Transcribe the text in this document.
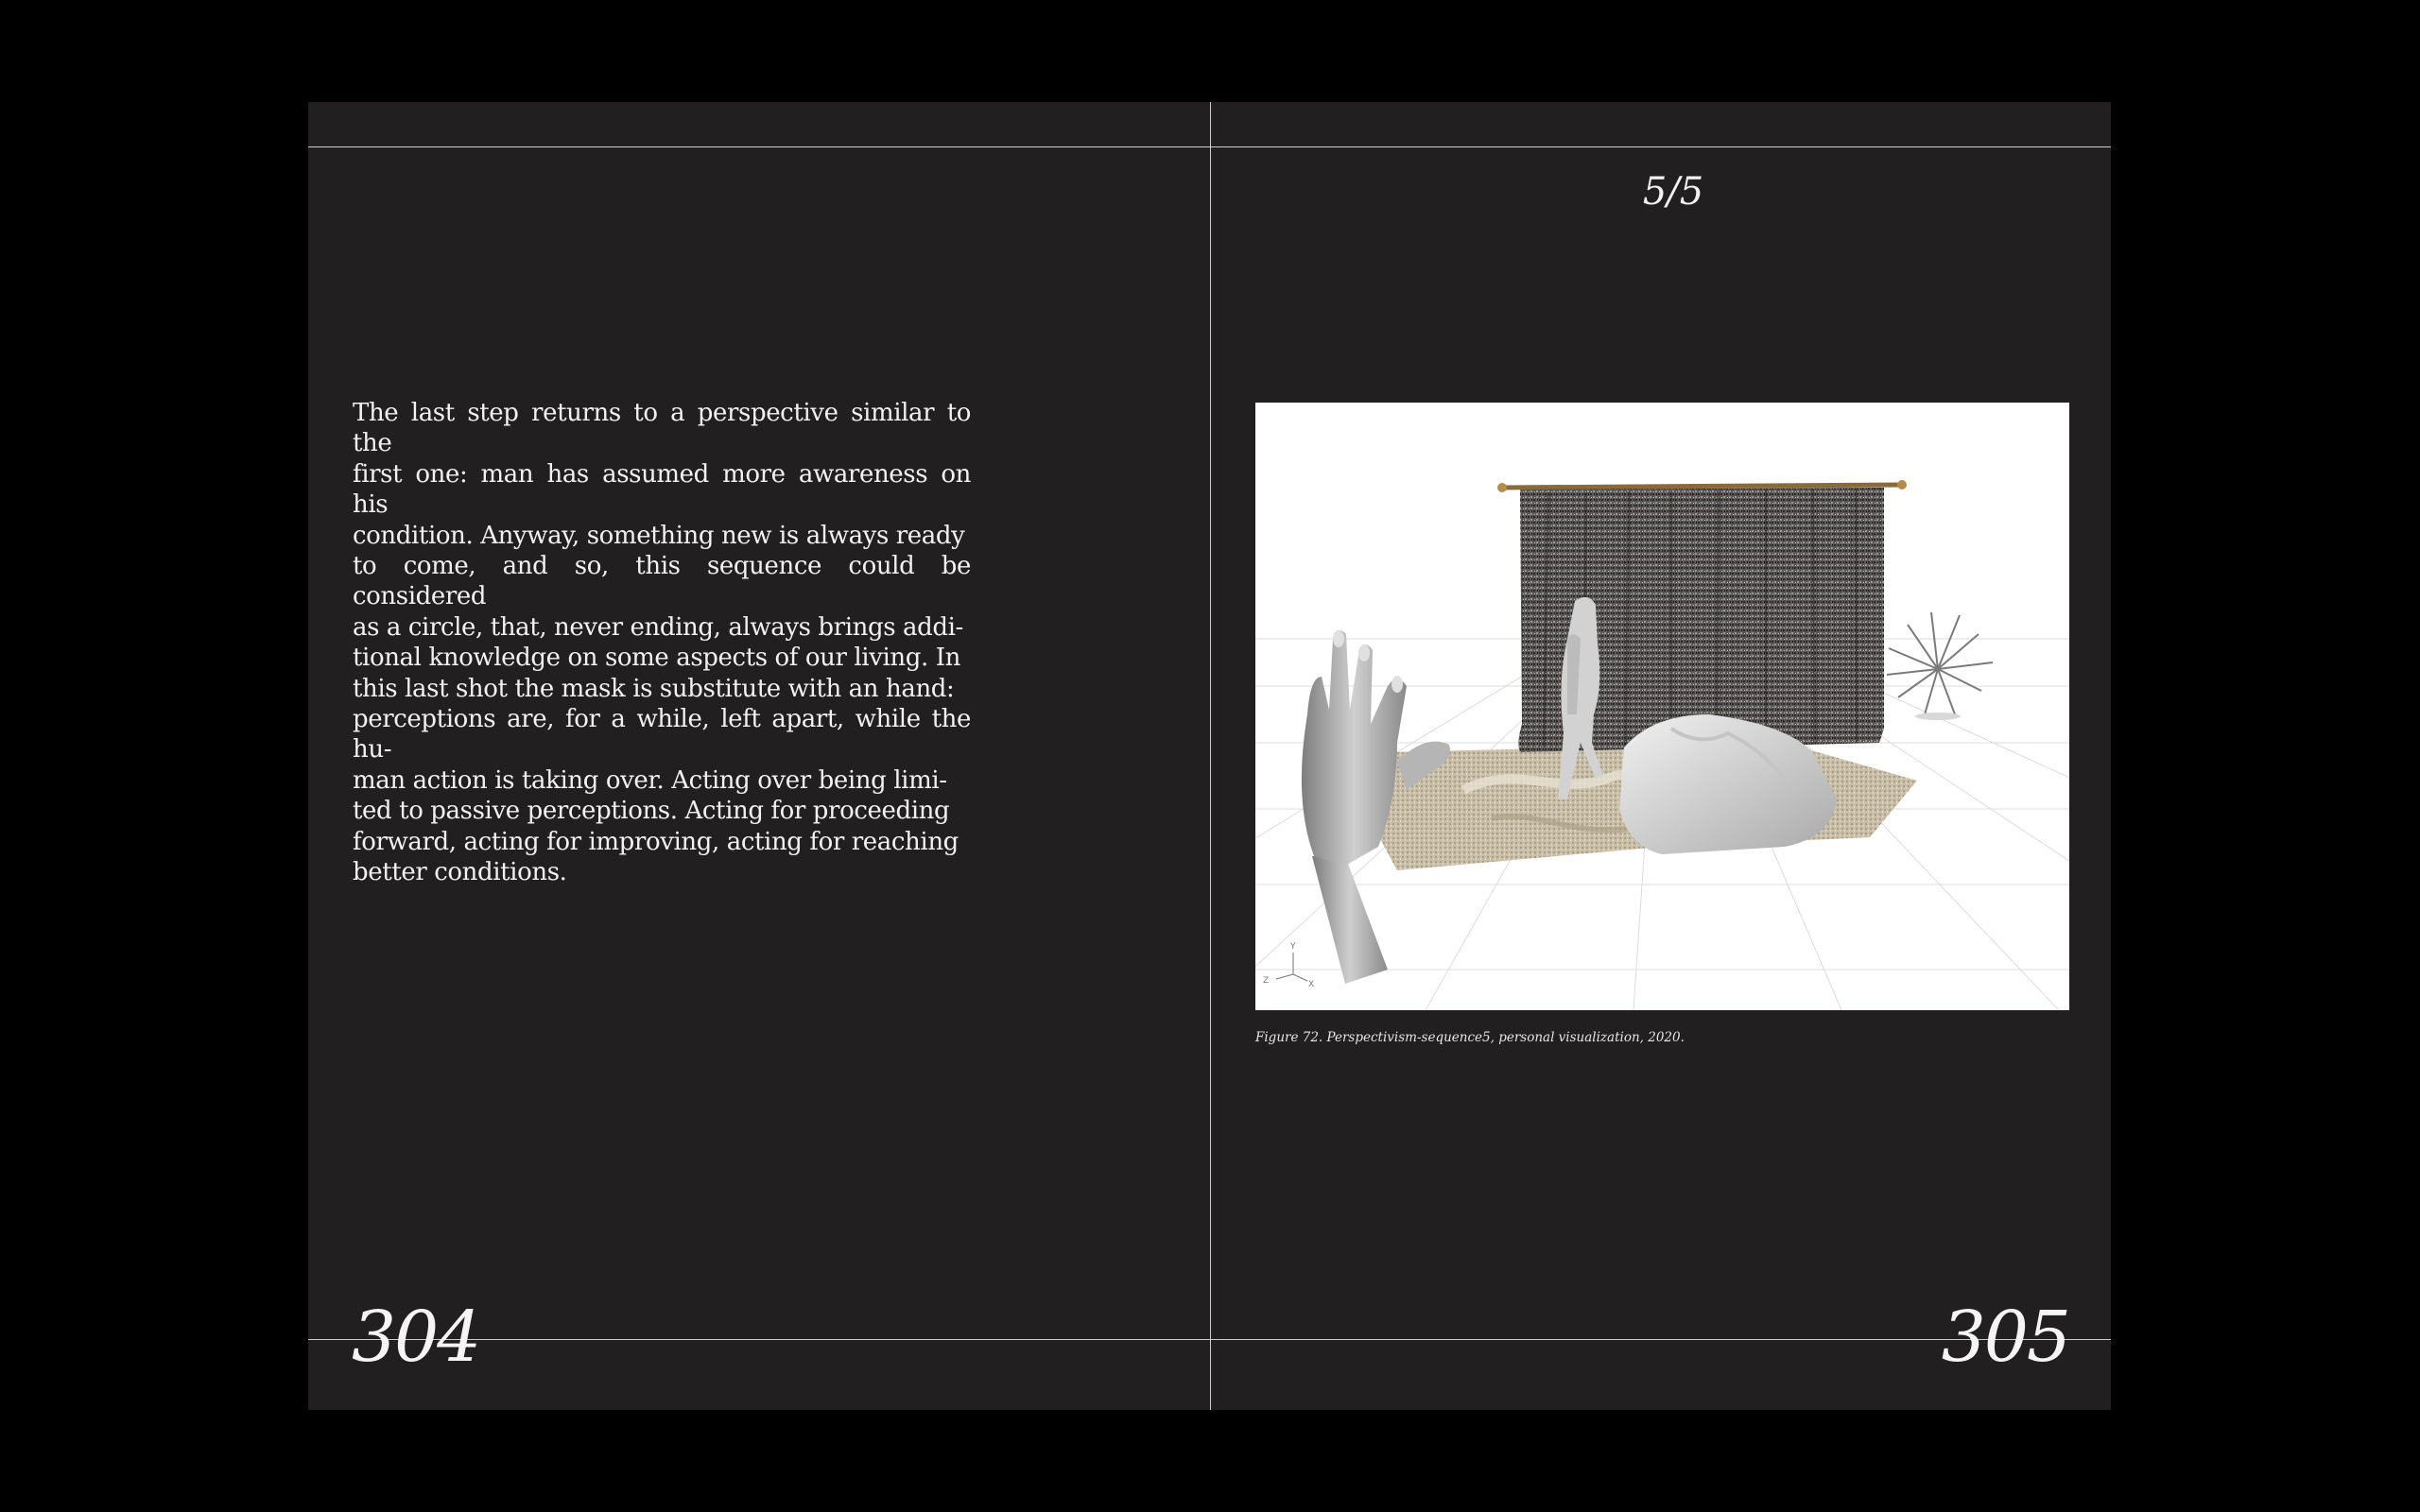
The last step returns to a perspective similar to the
first one: man has assumed more awareness on his
condition. Anyway, something new is always ready
to come, and so, this sequence could be considered
as a circle, that, never ending, always brings addi-
tional knowledge on some aspects of our living. In
this last shot the mask is substitute with an hand:
perceptions are, for a while, left apart, while the hu-
man action is taking over. Acting over being limi-
ted to passive perceptions. Acting for proceeding
forward, acting for improving, acting for reaching
better conditions.

304
5/5
Y
Z	X
Figure 72. Perspectivism-sequence5, personal visualization, 2020.
305
